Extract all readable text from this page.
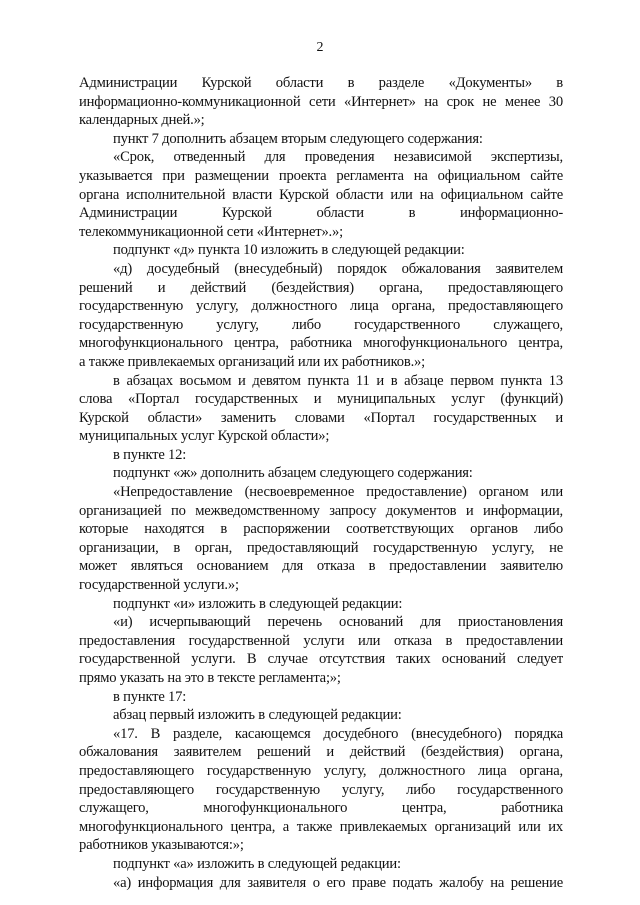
2
Администрации Курской области в разделе «Документы» в
информационно-коммуникационной сети «Интернет» на срок не менее 30
календарных дней.»;
пункт 7 дополнить абзацем вторым следующего содержания:
«Срок, отведенный для проведения независимой экспертизы,
указывается при размещении проекта регламента на официальном сайте
органа исполнительной власти Курской области или на официальном сайте
Администрации Курской области в информационно-
телекоммуникационной сети «Интернет».»;
подпункт «д» пункта 10 изложить в следующей редакции:
«д) досудебный (внесудебный) порядок обжалования заявителем
решений и действий (бездействия) органа, предоставляющего
государственную услугу, должностного лица органа, предоставляющего
государственную услугу, либо государственного служащего,
многофункционального центра, работника многофункционального центра,
а также привлекаемых организаций или их работников.»;
в абзацах восьмом и девятом пункта 11 и в абзаце первом пункта 13
слова «Портал государственных и муниципальных услуг (функций)
Курской области» заменить словами «Портал государственных и
муниципальных услуг Курской области»;
в пункте 12:
подпункт «ж» дополнить абзацем следующего содержания:
«Непредоставление (несвоевременное предоставление) органом или
организацией по межведомственному запросу документов и информации,
которые находятся в распоряжении соответствующих органов либо
организации, в орган, предоставляющий государственную услугу, не
может являться основанием для отказа в предоставлении заявителю
государственной услуги.»;
подпункт «и» изложить в следующей редакции:
«и) исчерпывающий перечень оснований для приостановления
предоставления государственной услуги или отказа в предоставлении
государственной услуги. В случае отсутствия таких оснований следует
прямо указать на это в тексте регламента;»;
в пункте 17:
абзац первый изложить в следующей редакции:
«17. В разделе, касающемся досудебного (внесудебного) порядка
обжалования заявителем решений и действий (бездействия) органа,
предоставляющего государственную услугу, должностного лица органа,
предоставляющего государственную услугу, либо государственного
служащего, многофункционального центра, работника
многофункционального центра, а также привлекаемых организаций или их
работников указываются:»;
подпункт «а» изложить в следующей редакции:
«а) информация для заявителя о его праве подать жалобу на решение
